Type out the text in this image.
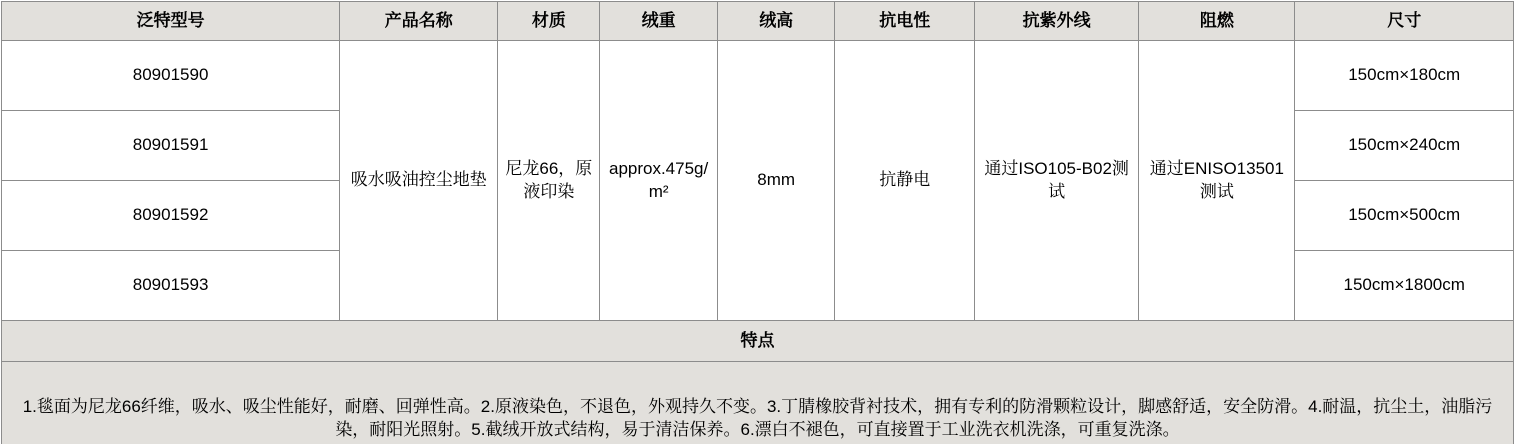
泛特型号	产品名称	材质	绒重	绒高	抗电性	抗紫外线	阻燃	尺寸
80901590	吸水吸油控尘地垫	尼龙66，原液印染	approx.475g/m²	8mm	抗静电	通过ISO105-B02测试	通过ENISO13501测试	150cm×180cm
80901591								150cm×240cm
80901592								150cm×500cm
80901593								150cm×1800cm
特点								
1.毯面为尼龙66纤维，吸水、吸尘性能好，耐磨、回弹性高。2.原液染色，不退色，外观持久不变。3.丁腈橡胶背衬技术，拥有专利的防滑颗粒设计，脚感舒适，安全防滑。4.耐温，抗尘土，油脂污染，耐阳光照射。5.截绒开放式结构，易于清洁保养。6.漂白不褪色，可直接置于工业洗衣机洗涤，可重复洗涤。								
